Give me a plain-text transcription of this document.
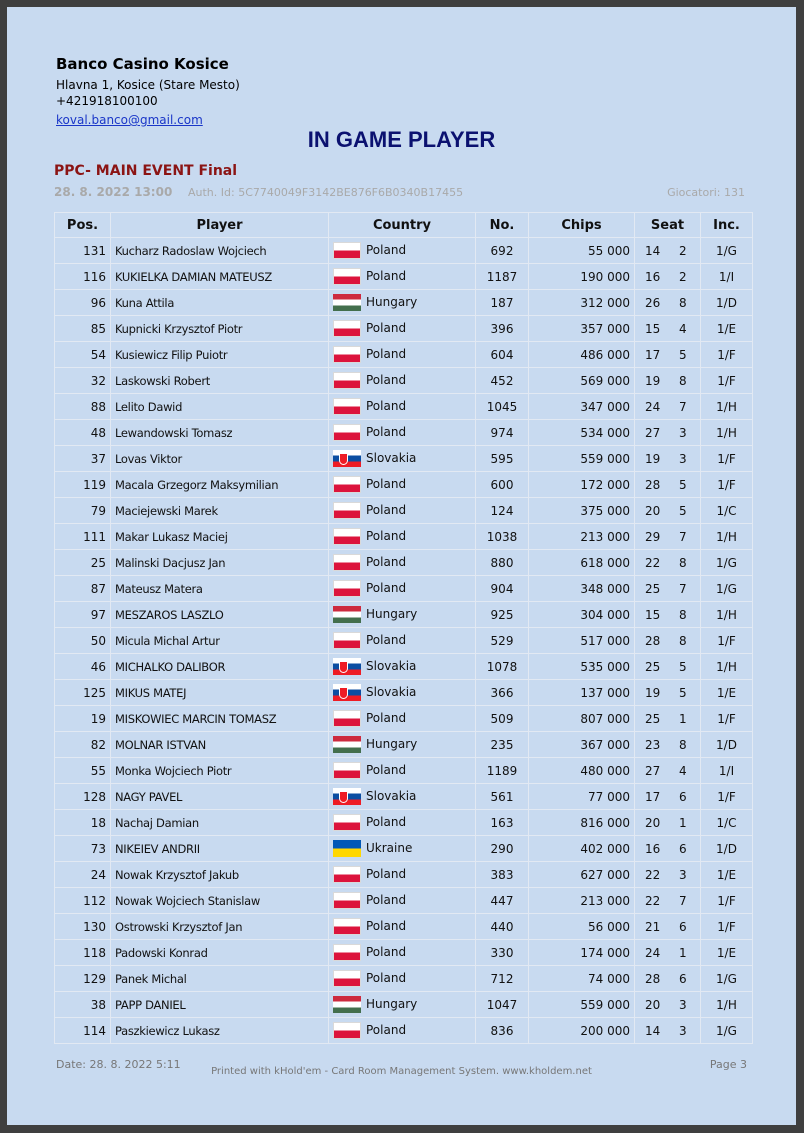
Banco Casino Kosice
Hlavna 1, Kosice (Stare Mesto)
+421918100100
koval.banco@gmail.com
IN GAME PLAYER
PPC- MAIN EVENT Final
28. 8. 2022 13:00 Auth. Id: 5C7740049F3142BE876F6B0340B17455	Giocatori: 131
Pos.	Player	Country	No.	Chips	Seat	Inc.
131	Kucharz Radoslaw Wojciech	Poland	692	55 000	14 2	1/G
116	KUKIELKA DAMIAN MATEUSZ	Poland	1187	190 000	16 2	1/I
96	Kuna Attila	Hungary	187	312 000	26 8	1/D
85	Kupnicki Krzysztof Piotr	Poland	396	357 000	15 4	1/E
54	Kusiewicz Filip Puiotr	Poland	604	486 000	17 5	1/F
32	Laskowski Robert	Poland	452	569 000	19 8	1/F
88	Lelito Dawid	Poland	1045	347 000	24 7	1/H
48	Lewandowski Tomasz	Poland	974	534 000	27 3	1/H
37	Lovas Viktor	Slovakia	595	559 000	19 3	1/F
119	Macala Grzegorz Maksymilian	Poland	600	172 000	28 5	1/F
79	Maciejewski Marek	Poland	124	375 000	20 5	1/C
111	Makar Lukasz Maciej	Poland	1038	213 000	29 7	1/H
25	Malinski Dacjusz Jan	Poland	880	618 000	22 8	1/G
87	Mateusz Matera	Poland	904	348 000	25 7	1/G
97	MESZAROS LASZLO	Hungary	925	304 000	15 8	1/H
50	Micula Michal Artur	Poland	529	517 000	28 8	1/F
46	MICHALKO DALIBOR	Slovakia	1078	535 000	25 5	1/H
125	MIKUS MATEJ	Slovakia	366	137 000	19 5	1/E
19	MISKOWIEC MARCIN TOMASZ	Poland	509	807 000	25 1	1/F
82	MOLNAR ISTVAN	Hungary	235	367 000	23 8	1/D
55	Monka Wojciech Piotr	Poland	1189	480 000	27 4	1/I
128	NAGY PAVEL	Slovakia	561	77 000	17 6	1/F
18	Nachaj Damian	Poland	163	816 000	20 1	1/C
73	NIKEIEV ANDRII	Ukraine	290	402 000	16 6	1/D
24	Nowak Krzysztof Jakub	Poland	383	627 000	22 3	1/E
112	Nowak Wojciech Stanislaw	Poland	447	213 000	22 7	1/F
130	Ostrowski Krzysztof Jan	Poland	440	56 000	21 6	1/F
118	Padowski Konrad	Poland	330	174 000	24 1	1/E
129	Panek Michal	Poland	712	74 000	28 6	1/G
38	PAPP DANIEL	Hungary	1047	559 000	20 3	1/H
114	Paszkiewicz Lukasz	Poland	836	200 000	14 3	1/G
Date: 28. 8. 2022 5:11
Printed with kHold'em - Card Room Management System. www.kholdem.net
Page 3
